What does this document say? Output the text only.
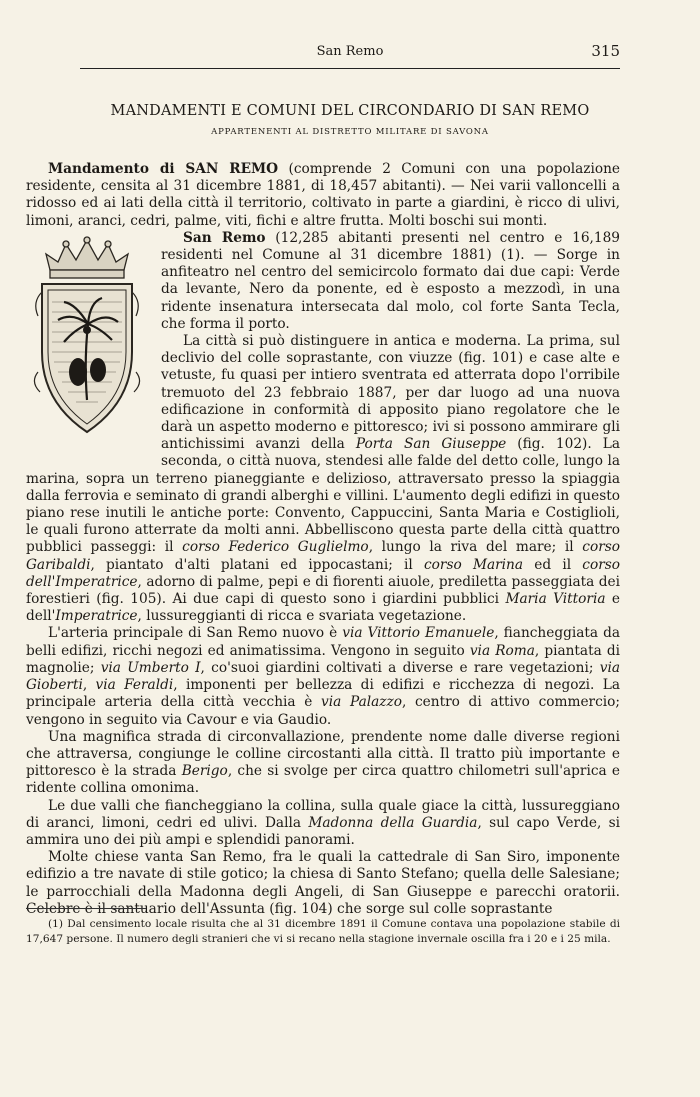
San Remo	315
MANDAMENTI E COMUNI DEL CIRCONDARIO DI SAN REMO
APPARTENENTI AL DISTRETTO MILITARE DI SAVONA

Mandamento di SAN REMO (comprende 2 Comuni con una popolazione residente, censita al 31 dicembre 1881, di 18,457 abitanti). — Nei varii valloncelli a ridosso ed ai lati della città il territorio, coltivato in parte a giardini, è ricco di ulivi, limoni, aranci, cedri, palme, viti, fichi e altre frutta. Molti boschi sui monti.

San Remo (12,285 abitanti presenti nel centro e 16,189 residenti nel Comune al 31 dicembre 1881) (1). — Sorge in anfiteatro nel centro del semicircolo formato dai due capi: Verde da levante, Nero da ponente, ed è esposto a mezzodì, in una ridente insenatura intersecata dal molo, col forte Santa Tecla, che forma il porto.

La città si può distinguere in antica e moderna. La prima, sul declivio del colle soprastante, con viuzze (fig. 101) e case alte e vetuste, fu quasi per intiero sventrata ed atterrata dopo l'orribile tremuoto del 23 febbraio 1887, per dar luogo ad una nuova edificazione in conformità di apposito piano regolatore che le darà un aspetto moderno e pittoresco; ivi si possono ammirare gli antichissimi avanzi della Porta San Giuseppe (fig. 102). La seconda, o città nuova, stendesi alle falde del detto colle, lungo la marina, sopra un terreno pianeggiante e delizioso, attraversato presso la spiaggia dalla ferrovia e seminato di grandi alberghi e villini. L'aumento degli edifizi in questo piano rese inutili le antiche porte: Convento, Cappuccini, Santa Maria e Costiglioli, le quali furono atterrate da molti anni. Abbelliscono questa parte della città quattro pubblici passeggi: il corso Federico Guglielmo, lungo la riva del mare; il corso Garibaldi, piantato d'alti platani ed ippocastani; il corso Marina ed il corso dell'Imperatrice, adorno di palme, pepi e di fiorenti aiuole, prediletta passeggiata dei forestieri (fig. 105). Ai due capi di questo sono i giardini pubblici Maria Vittoria e dell'Imperatrice, lussureggianti di ricca e svariata vegetazione.

L'arteria principale di San Remo nuovo è via Vittorio Emanuele, fiancheggiata da belli edifizi, ricchi negozi ed animatissima. Vengono in seguito via Roma, piantata di magnolie; via Umberto I, co'suoi giardini coltivati a diverse e rare vegetazioni; via Gioberti, via Feraldi, imponenti per bellezza di edifizi e ricchezza di negozi. La principale arteria della città vecchia è via Palazzo, centro di attivo commercio; vengono in seguito via Cavour e via Gaudio.

Una magnifica strada di circonvallazione, prendente nome dalle diverse regioni che attraversa, congiunge le colline circostanti alla città. Il tratto più importante e pittoresco è la strada Berigo, che si svolge per circa quattro chilometri sull'aprica e ridente collina omonima.

Le due valli che fiancheggiano la collina, sulla quale giace la città, lussureggiano di aranci, limoni, cedri ed ulivi. Dalla Madonna della Guardia, sul capo Verde, si ammira uno dei più ampi e splendidi panorami.

Molte chiese vanta San Remo, fra le quali la cattedrale di San Siro, imponente edifizio a tre navate di stile gotico; la chiesa di Santo Stefano; quella delle Salesiane; le parrocchiali della Madonna degli Angeli, di San Giuseppe e parecchi oratorii. Celebre è il santuario dell'Assunta (fig. 104) che sorge sul colle soprastante

(1) Dal censimento locale risulta che al 31 dicembre 1891 il Comune contava una popolazione stabile di 17,647 persone. Il numero degli stranieri che vi si recano nella stagione invernale oscilla fra i 20 e i 25 mila.
